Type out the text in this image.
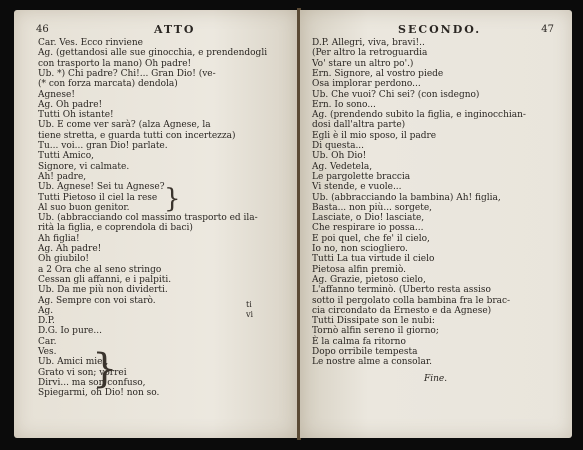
46	ATTO
Car. Ves. Ecco rinviene
Ag. (gettandosi alle sue ginocchia, e prendendogli
con trasporto la mano) Oh padre!
Ub. *) Chi padre? Chi!... Gran Dio! (ve-
(* con forza marcata) dendola)
Agnese!
Ag. Oh padre!
Tutti Oh istante!
Ub. E come ver sarà? (alza Agnese, la
tiene stretta, e guarda tutti con incertezza)
Tu... voi... gran Dio! parlate.
Tutti Amico,
Signore, vi calmate.
Ah! padre,
Ub. Agnese! Sei tu Agnese?
Tutti Pietoso il ciel la rese
Al suo buon genitor.
Ub. (abbracciando col massimo trasporto ed ila-
rità la figlia, e coprendola di baci)
Ah figlia!
Ag. Ah padre!
Oh giubilo!
a 2 Ora che al seno stringo
Cessan gli affanni, e i palpiti.
Ub. Da me più non dividerti.
Ag. Sempre con voi starò.
Ag.
D.P.
D.G. Io pure...
Car.
Ves.
Ub. Amici miei,
Grato vi son; vorrei
Dirvi... ma son confuso,
Spiegarmi, oh Dio! non so.
ti
vi
}
}
47
SECONDO.
D.P. Allegri, viva, bravi!..
(Per altro la retroguardia
Vo' stare un altro po'.)
Ern. Signore, al vostro piede
Osa implorar perdono...
Ub. Che vuoi? Chi sei? (con isdegno)
Ern. Io sono...
Ag. (prendendo subito la figlia, e inginocchian-
dosi dall'altra parte)
Egli è il mio sposo, il padre
Di questa...
Ub. Oh Dio!
Ag. Vedetela,
Le pargolette braccia
Vi stende, e vuole...
Ub. (abbracciando la bambina) Ah! figlia,
Basta... non più... sorgete,
Lasciate, o Dio! lasciate,
Che respirare io possa...
E poi quel, che fe' il cielo,
Io no, non sciogliero.
Tutti La tua virtude il cielo
Pietosa alfin premiò.
Ag. Grazie, pietoso cielo,
L'affanno terminò. (Uberto resta assiso
sotto il pergolato colla bambina fra le brac-
cia circondato da Ernesto e da Agnese)
Tutti Dissipate son le nubi:
Tornò alfin sereno il giorno;
È la calma fa ritorno
Dopo orribile tempesta
Le nostre alme a consolar.
Fine.
